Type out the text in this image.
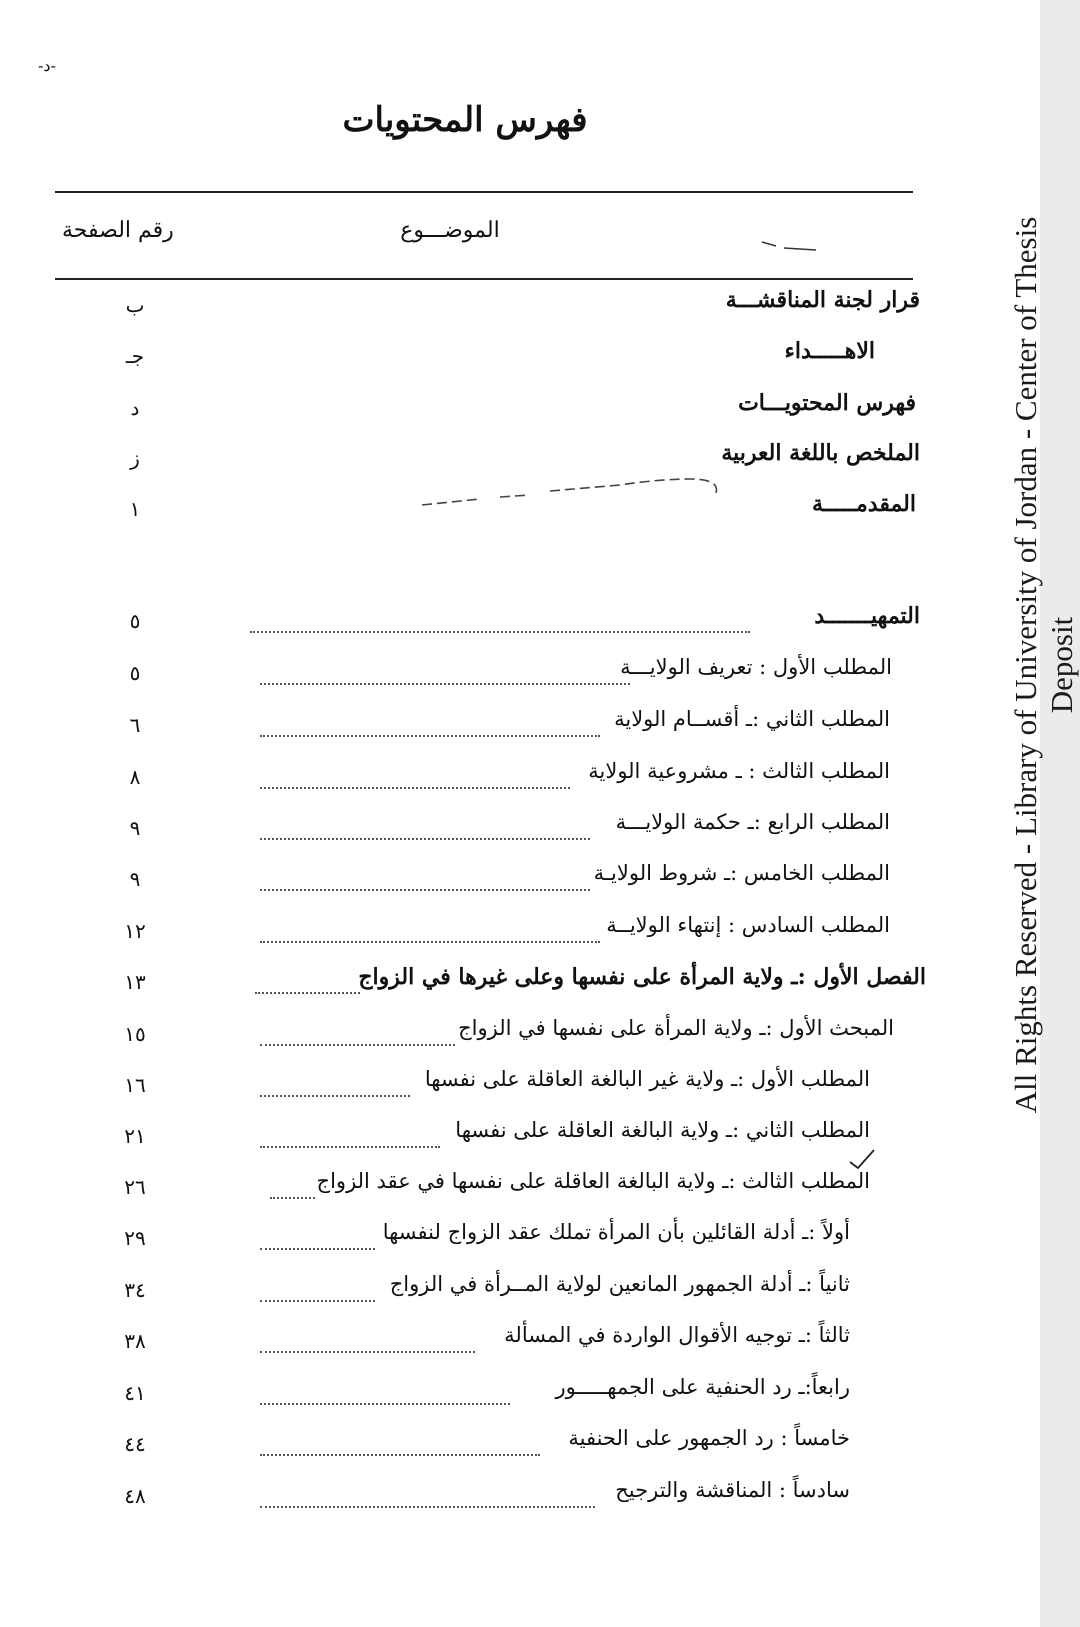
-د-
فهرس المحتويات
الموضـــوع
رقم الصفحة
ب	قرار لجنة المناقشـــة
جـ	الاهـــــداء
د	فهرس المحتويـــات
ز	الملخص باللغة العربية
١	المقدمـــــة
٥	التمهيـــــــد
٥	المطلب الأول : تعريف الولايـــة
٦	المطلب الثاني :ـ أقســام الولاية
٨	المطلب الثالث : ـ مشروعية الولاية
٩	المطلب الرابع :ـ حكمة الولايـــة
٩	المطلب الخامس :ـ شروط الولايـة
١٢	المطلب السادس : إنتهاء الولايــة
١٣	الفصل الأول :ـ ولاية المرأة على نفسها وعلى غيرها في الزواج
١٥	المبحث الأول :ـ ولاية المرأة على نفسها في الزواج
١٦	المطلب الأول :ـ ولاية غير البالغة العاقلة على نفسها
٢١	المطلب الثاني :ـ ولاية البالغة العاقلة على نفسها
٢٦	المطلب الثالث :ـ ولاية البالغة العاقلة على نفسها في عقد الزواج
٢٩	أولاً :ـ أدلة القائلين بأن المرأة تملك عقد الزواج لنفسها
٣٤	ثانياً :ـ أدلة الجمهور المانعين لولاية المــرأة في الزواج
٣٨	ثالثاً :ـ توجيه الأقوال الواردة في المسألة
٤١	رابعاً:ـ رد الحنفية على الجمهـــــور
٤٤	خامساً : رد الجمهور على الحنفية
٤٨	سادساً : المناقشة والترجيح
All Rights Reserved - Library of University of Jordan - Center of Thesis Deposit
